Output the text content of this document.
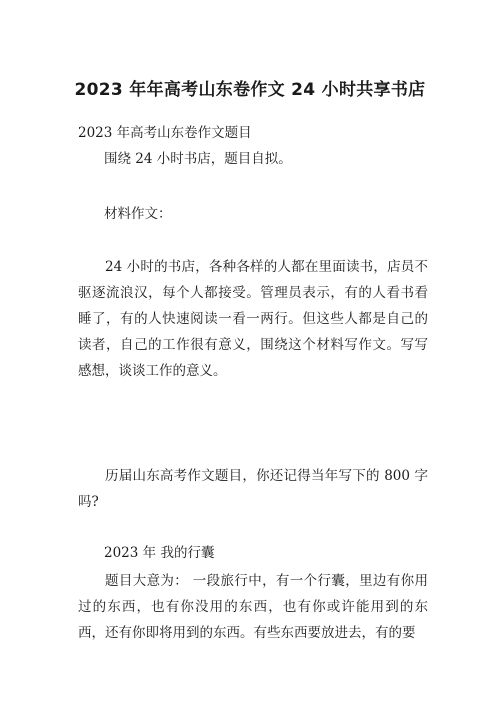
2023 年年高考山东卷作文 24 小时共享书店
2023 年高考山东卷作文题目
围绕 24 小时书店，题目自拟。
材料作文：
24 小时的书店，各种各样的人都在里面读书，店员不驱逐流浪汉，每个人都接受。管理员表示，有的人看书看睡了，有的人快速阅读一看一两行。但这些人都是自己的读者，自己的工作很有意义，围绕这个材料写作文。写写感想，谈谈工作的意义。
历届山东高考作文题目，你还记得当年写下的 800 字吗?
2023 年 我的行囊
题目大意为： 一段旅行中，有一个行囊，里边有你用过的东西，也有你没用的东西，也有你或许能用到的东西，还有你即将用到的东西。有些东西要放进去，有的要
